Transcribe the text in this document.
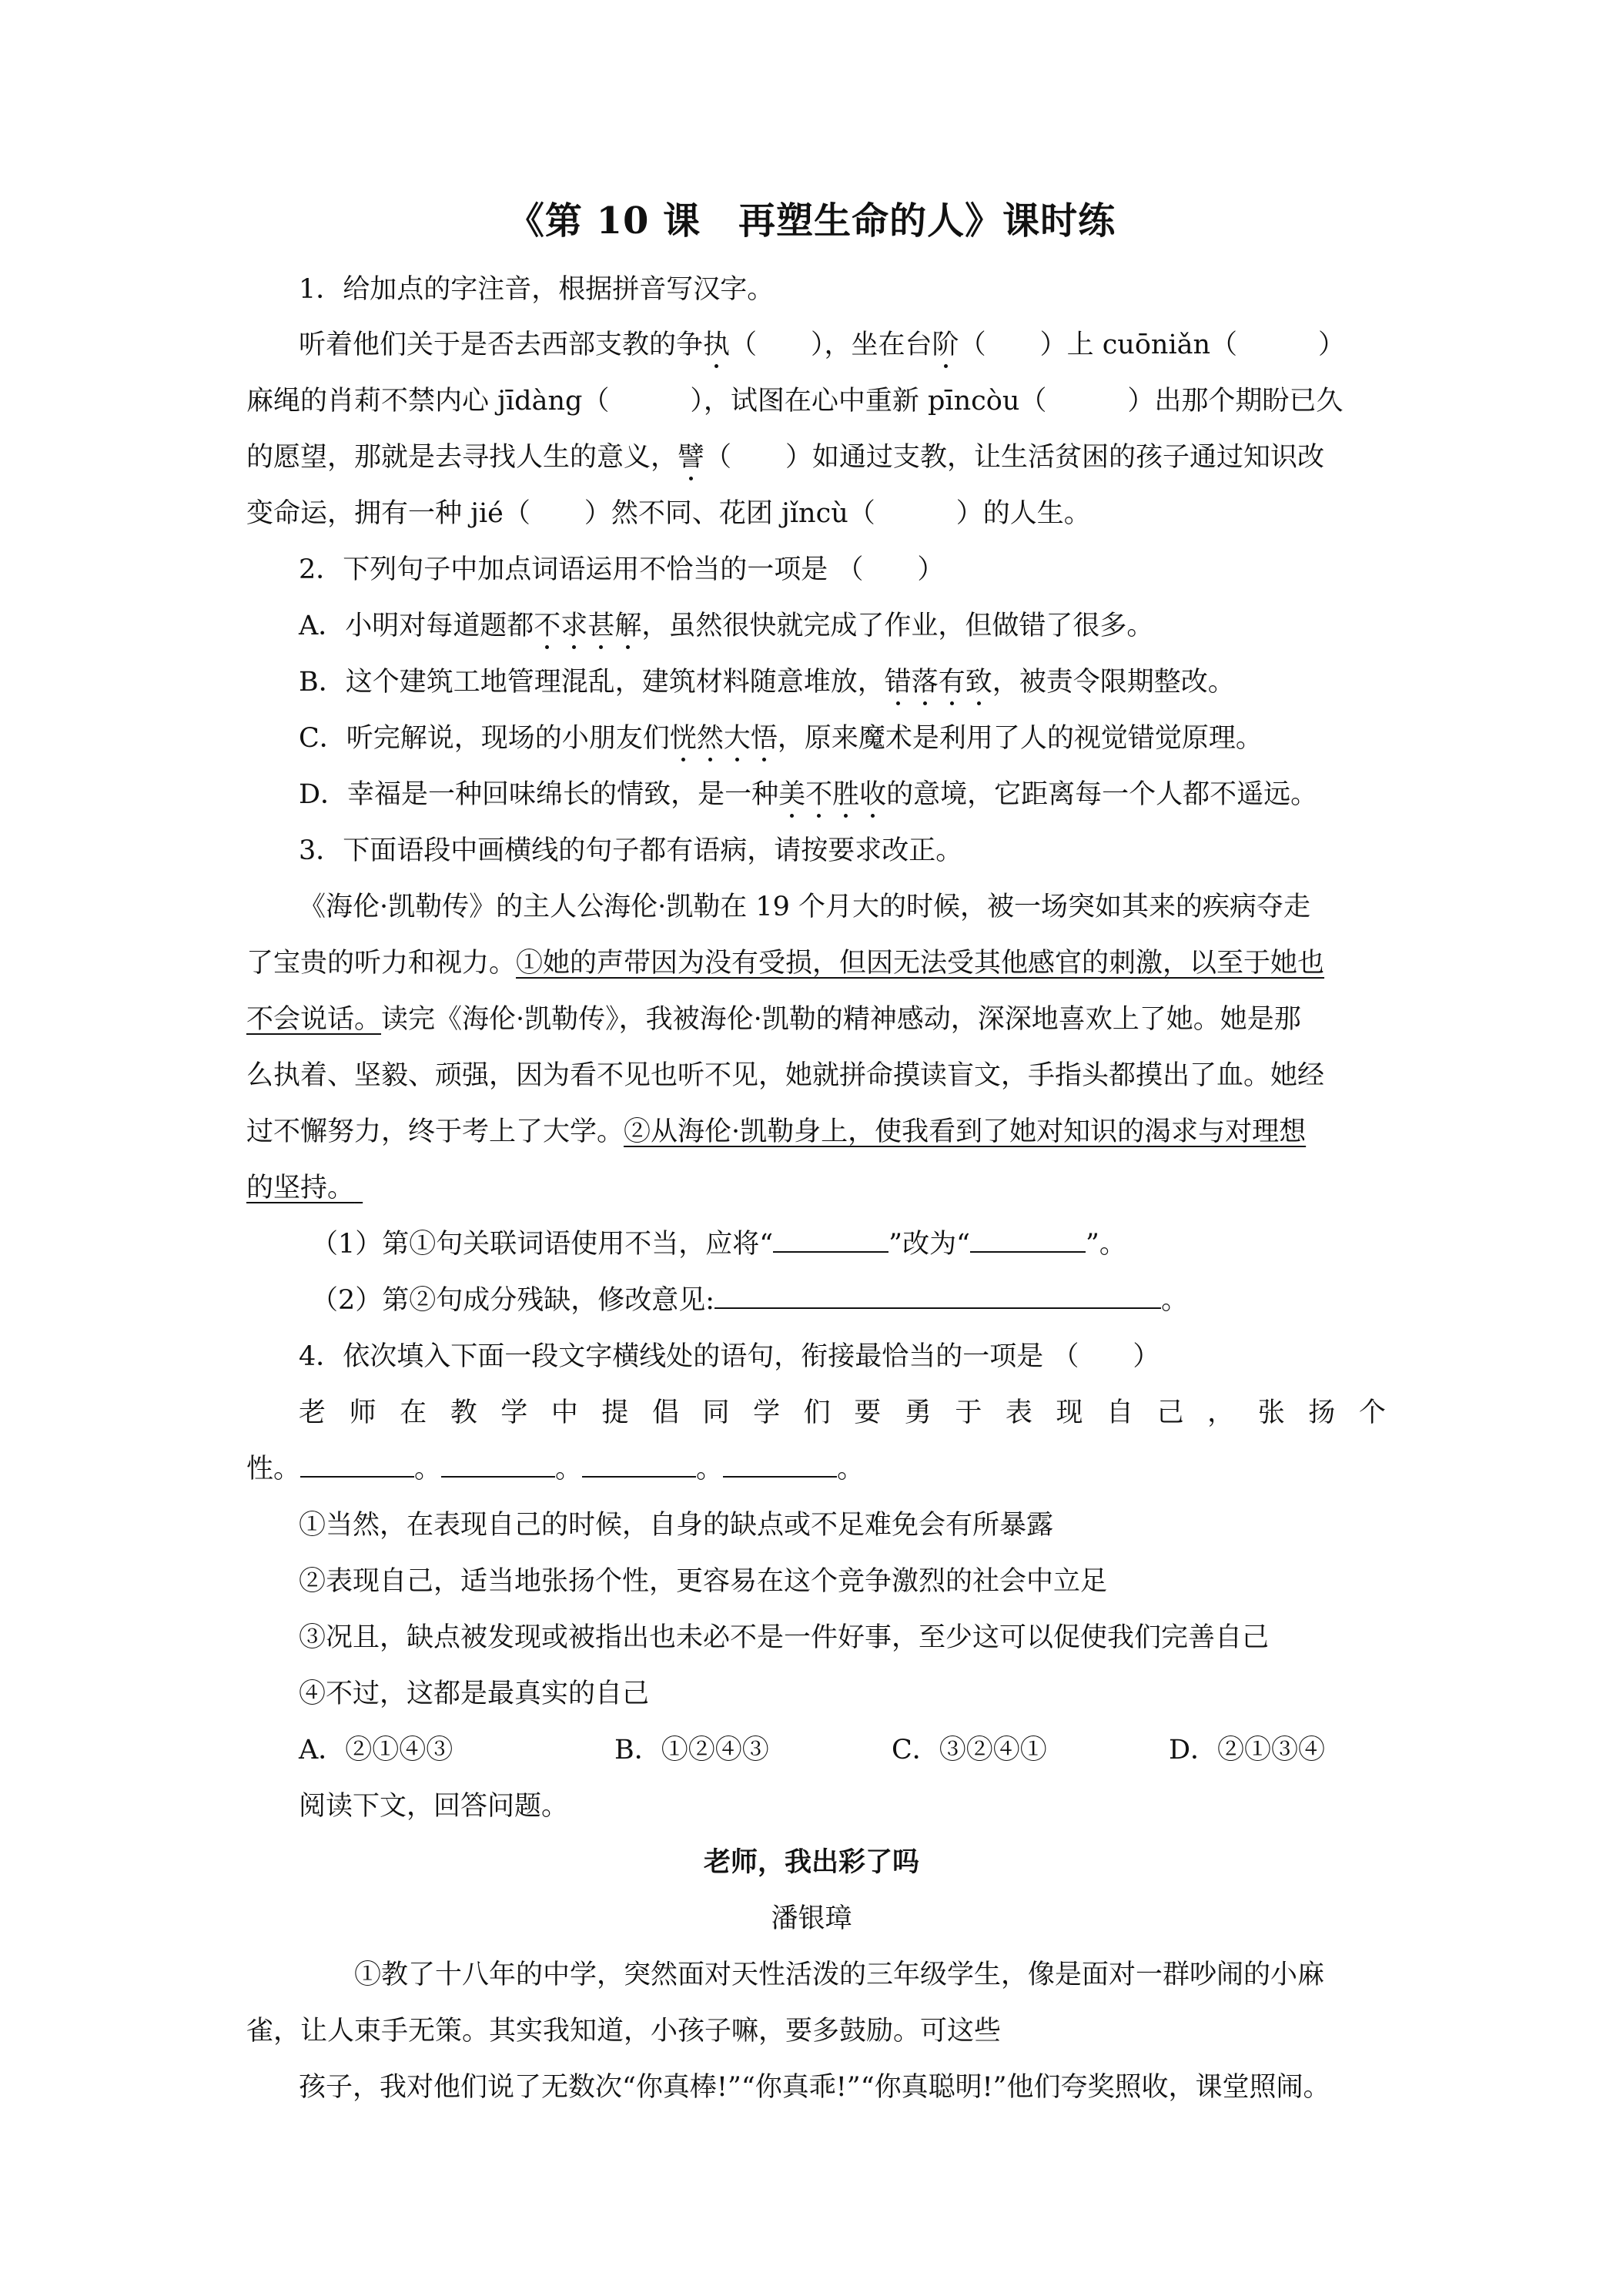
《第 10 课　再塑生命的人》课时练
1．给加点的字注音，根据拼音写汉字。
听着他们关于是否去西部支教的争执（　　），坐在台阶（　　）上 cuōniǎn（　　　）
麻绳的肖莉不禁内心 jīdàng（　　　），试图在心中重新 pīncòu（　　　）出那个期盼已久
的愿望，那就是去寻找人生的意义，譬（　　）如通过支教，让生活贫困的孩子通过知识改
变命运，拥有一种 jié（　　）然不同、花团 jǐncù（　　　）的人生。
2．下列句子中加点词语运用不恰当的一项是 （　　）
A．小明对每道题都不求甚解，虽然很快就完成了作业，但做错了很多。
B．这个建筑工地管理混乱，建筑材料随意堆放，错落有致，被责令限期整改。
C．听完解说，现场的小朋友们恍然大悟，原来魔术是利用了人的视觉错觉原理。
D．幸福是一种回味绵长的情致，是一种美不胜收的意境，它距离每一个人都不遥远。
3．下面语段中画横线的句子都有语病，请按要求改正。
《海伦·凯勒传》的主人公海伦·凯勒在 19 个月大的时候，被一场突如其来的疾病夺走
了宝贵的听力和视力。①她的声带因为没有受损，但因无法受其他感官的刺激，以至于她也
不会说话。读完《海伦·凯勒传》，我被海伦·凯勒的精神感动，深深地喜欢上了她。她是那
么执着、坚毅、顽强，因为看不见也听不见，她就拼命摸读盲文，手指头都摸出了血。她经
过不懈努力，终于考上了大学。②从海伦·凯勒身上，使我看到了她对知识的渴求与对理想
的坚持。​
（1）第①句关联词语使用不当，应将“	”改为“	”。
（2）第②句成分残缺，修改意见:	。
4．依次填入下面一段文字横线处的语句，衔接最恰当的一项是 （　　）
老 师 在 教 学 中 提 倡 同 学 们 要 勇 于 表 现 自 己 ， 张 扬 个
性。	。	。	。	。
①当然，在表现自己的时候，自身的缺点或不足难免会有所暴露
②表现自己，适当地张扬个性，更容易在这个竞争激烈的社会中立足
③况且，缺点被发现或被指出也未必不是一件好事，至少这可以促使我们完善自己
④不过，这都是最真实的自己
A．②①④③	B．①②④③	C．③②④①	D．②①③④
阅读下文，回答问题。
老师，我出彩了吗
潘银璋
①教了十八年的中学，突然面对天性活泼的三年级学生，像是面对一群吵闹的小麻
雀，让人束手无策。其实我知道，小孩子嘛，要多鼓励。可这些
孩子，我对他们说了无数次“你真棒!”“你真乖!”“你真聪明!”他们夸奖照收，课堂照闹。
